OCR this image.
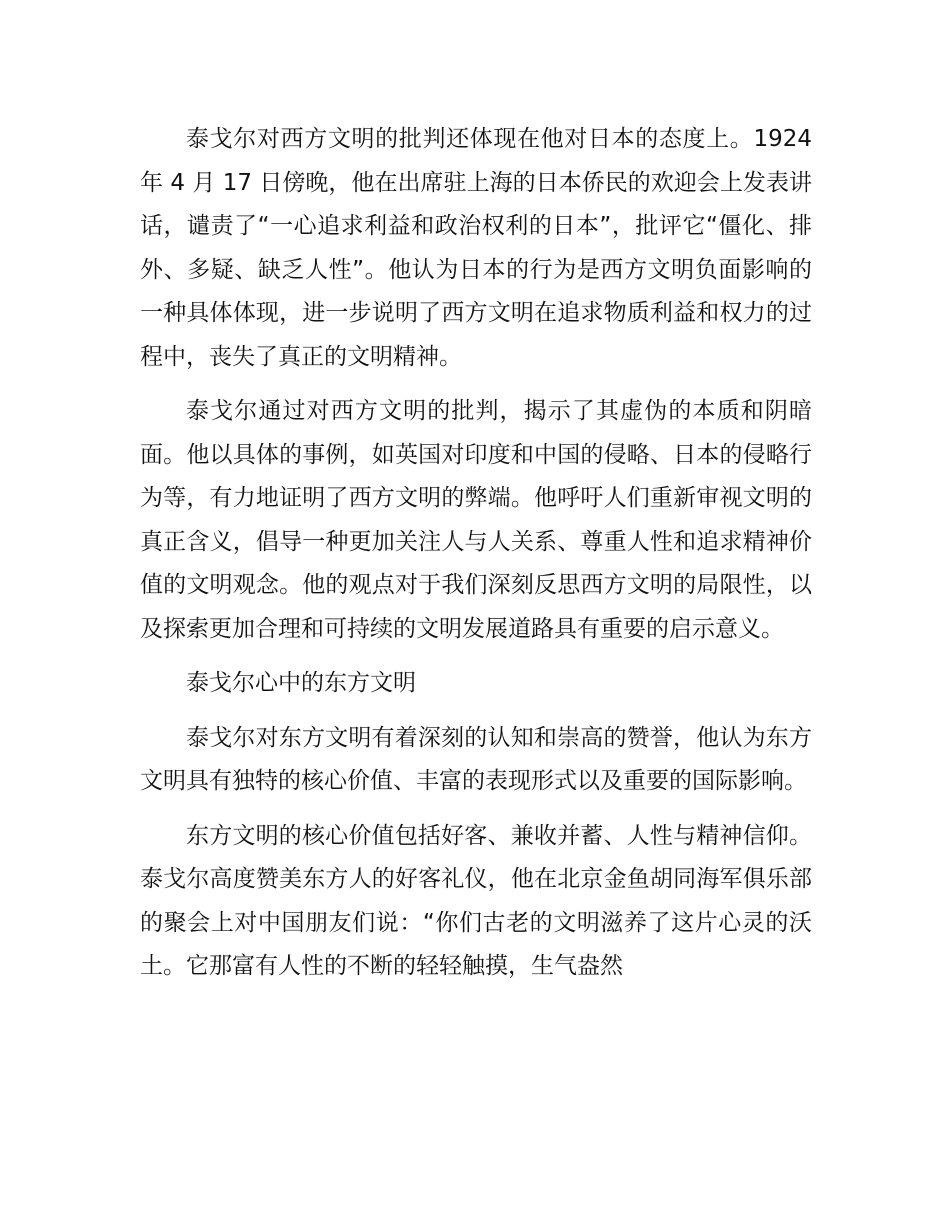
泰戈尔对西方文明的批判还体现在他对日本的态度上。1924 年 4 月 17 日傍晚，他在出席驻上海的日本侨民的欢迎会上发表讲话，谴责了“一心追求利益和政治权利的日本”，批评它“僵化、排外、多疑、缺乏人性”。他认为日本的行为是西方文明负面影响的一种具体体现，进一步说明了西方文明在追求物质利益和权力的过程中，丧失了真正的文明精神。

泰戈尔通过对西方文明的批判，揭示了其虚伪的本质和阴暗面。他以具体的事例，如英国对印度和中国的侵略、日本的侵略行为等，有力地证明了西方文明的弊端。他呼吁人们重新审视文明的真正含义，倡导一种更加关注人与人关系、尊重人性和追求精神价值的文明观念。他的观点对于我们深刻反思西方文明的局限性，以及探索更加合理和可持续的文明发展道路具有重要的启示意义。

泰戈尔心中的东方文明

泰戈尔对东方文明有着深刻的认知和崇高的赞誉，他认为东方文明具有独特的核心价值、丰富的表现形式以及重要的国际影响。

东方文明的核心价值包括好客、兼收并蓄、人性与精神信仰。泰戈尔高度赞美东方人的好客礼仪，他在北京金鱼胡同海军俱乐部的聚会上对中国朋友们说：“你们古老的文明滋养了这片心灵的沃土。它那富有人性的不断的轻轻触摸，生气盎然
